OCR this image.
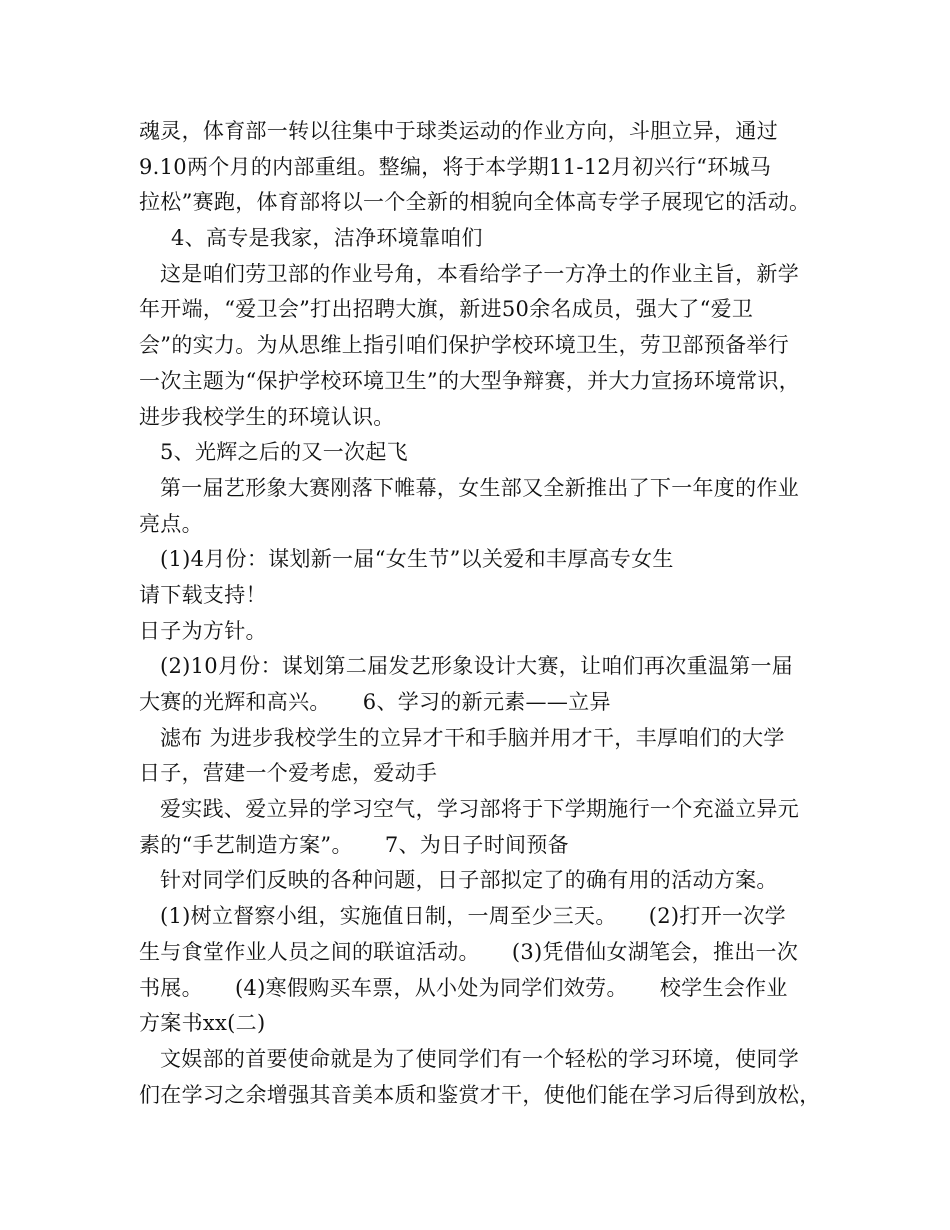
魂灵，体育部一转以往集中于球类运动的作业方向，斗胆立异，通过
9.10两个月的内部重组。整编，将于本学期11-12月初兴行“环城马
拉松”赛跑，体育部将以一个全新的相貌向全体高专学子展现它的活动。
4、高专是我家，洁净环境靠咱们
这是咱们劳卫部的作业号角，本看给学子一方净土的作业主旨，新学
年开端，“爱卫会”打出招聘大旗，新进50余名成员，强大了“爱卫
会”的实力。为从思维上指引咱们保护学校环境卫生，劳卫部预备举行
一次主题为“保护学校环境卫生”的大型争辩赛，并大力宣扬环境常识，
进步我校学生的环境认识。
5、光辉之后的又一次起飞
第一届艺形象大赛刚落下帷幕，女生部又全新推出了下一年度的作业
亮点。
(1)4月份：谋划新一届“女生节”以关爱和丰厚高专女生
请下载支持！
日子为方针。
(2)10月份：谋划第二届发艺形象设计大赛，让咱们再次重温第一届
大赛的光辉和高兴。　　6、学习的新元素——立异
滤布 为进步我校学生的立异才干和手脑并用才干，丰厚咱们的大学
日子，营建一个爱考虑，爱动手
爱实践、爱立异的学习空气，学习部将于下学期施行一个充溢立异元
素的“手艺制造方案”。　　7、为日子时间预备
针对同学们反映的各种问题，日子部拟定了的确有用的活动方案。
(1)树立督察小组，实施值日制，一周至少三天。　　(2)打开一次学
生与食堂作业人员之间的联谊活动。　　(3)凭借仙女湖笔会，推出一次
书展。　　(4)寒假购买车票，从小处为同学们效劳。　　校学生会作业
方案书xx(二)
文娱部的首要使命就是为了使同学们有一个轻松的学习环境，使同学
们在学习之余增强其音美本质和鉴赏才干，使他们能在学习后得到放松，
